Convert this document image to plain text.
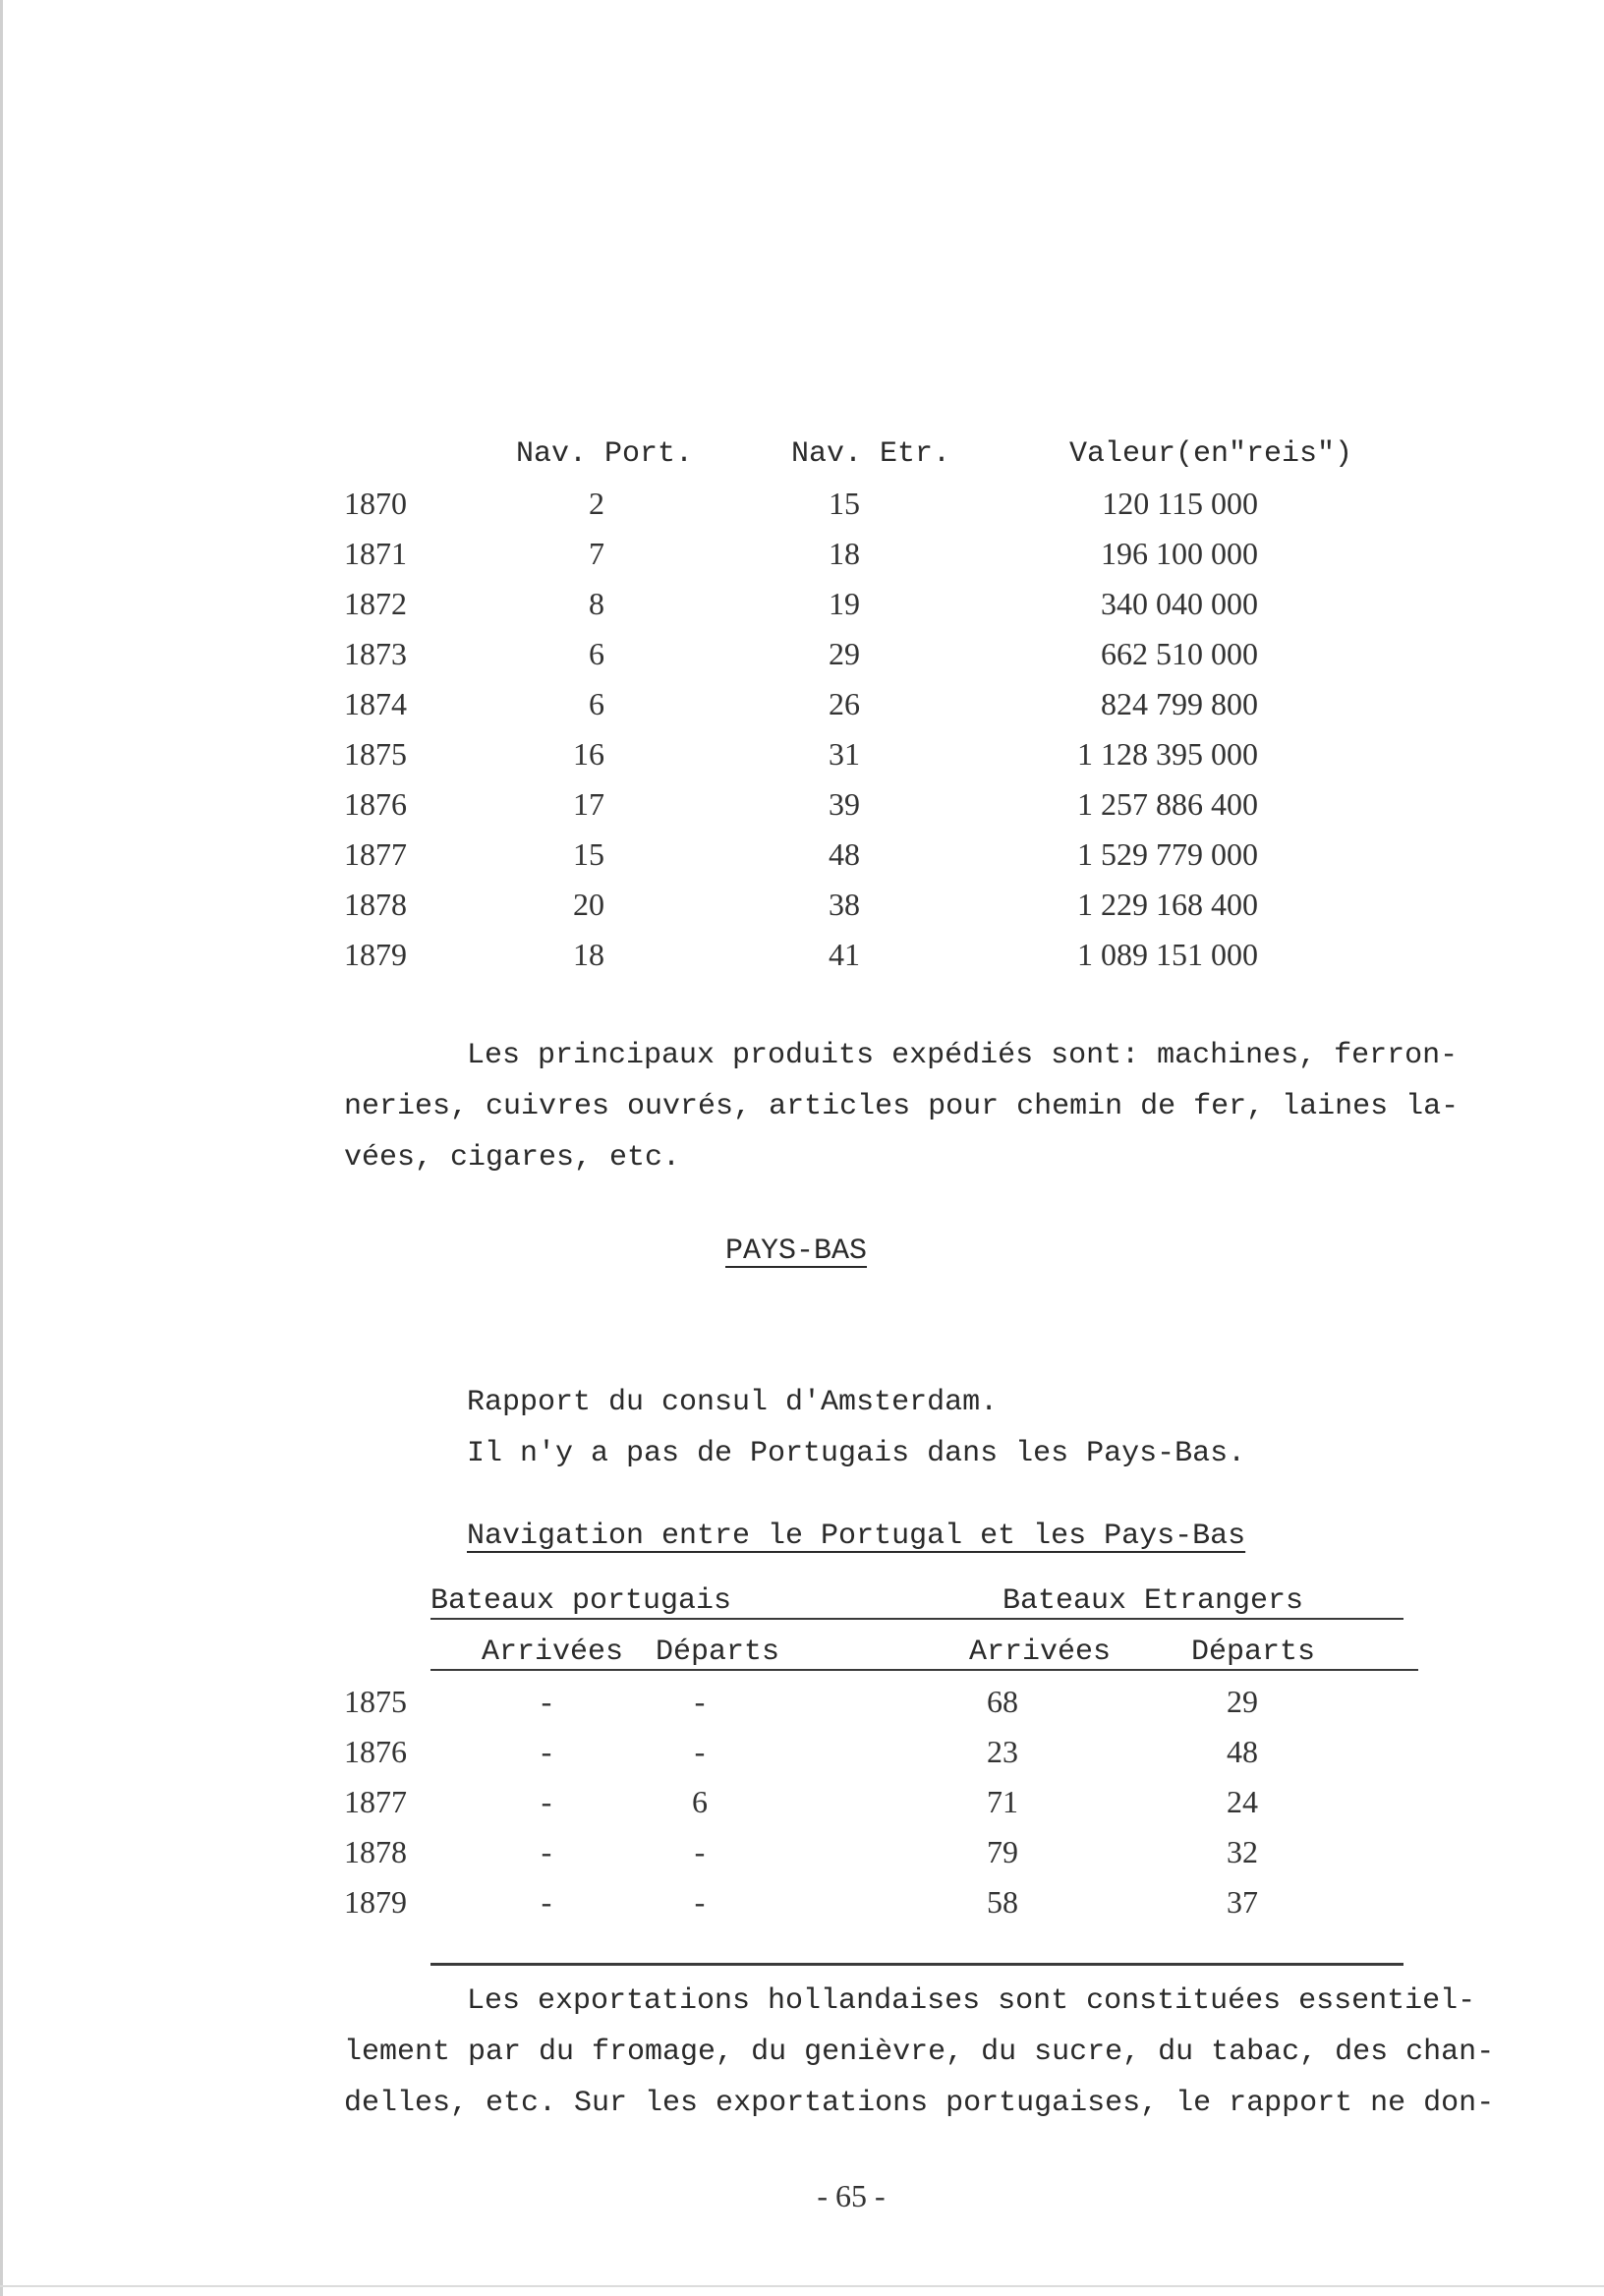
Nav. Port.	Nav. Etr.	Valeur(en"reis")
1870	2	15	120 115 000
1871	7	18	196 100 000
1872	8	19	340 040 000
1873	6	29	662 510 000
1874	6	26	824 799 800
1875	16	31	1 128 395 000
1876	17	39	1 257 886 400
1877	15	48	1 529 779 000
1878	20	38	1 229 168 400
1879	18	41	1 089 151 000
Les principaux produits expédiés sont: machines, ferron-
neries, cuivres ouvrés, articles pour chemin de fer, laines la-
vées, cigares, etc.
PAYS-BAS
Rapport du consul d'Amsterdam.
Il n'y a pas de Portugais dans les Pays-Bas.
Navigation entre le Portugal et les Pays-Bas
Bateaux portugais	Bateaux Etrangers
Arrivées Départs	Arrivées	Départs
1875	-	-	68	29
1876	-	-	23	48
1877	-	6	71	24
1878	-	-	79	32
1879	-	-	58	37
Les exportations hollandaises sont constituées essentiel-
lement par du fromage, du genièvre, du sucre, du tabac, des chan-
delles, etc. Sur les exportations portugaises, le rapport ne don-
- 65 -
